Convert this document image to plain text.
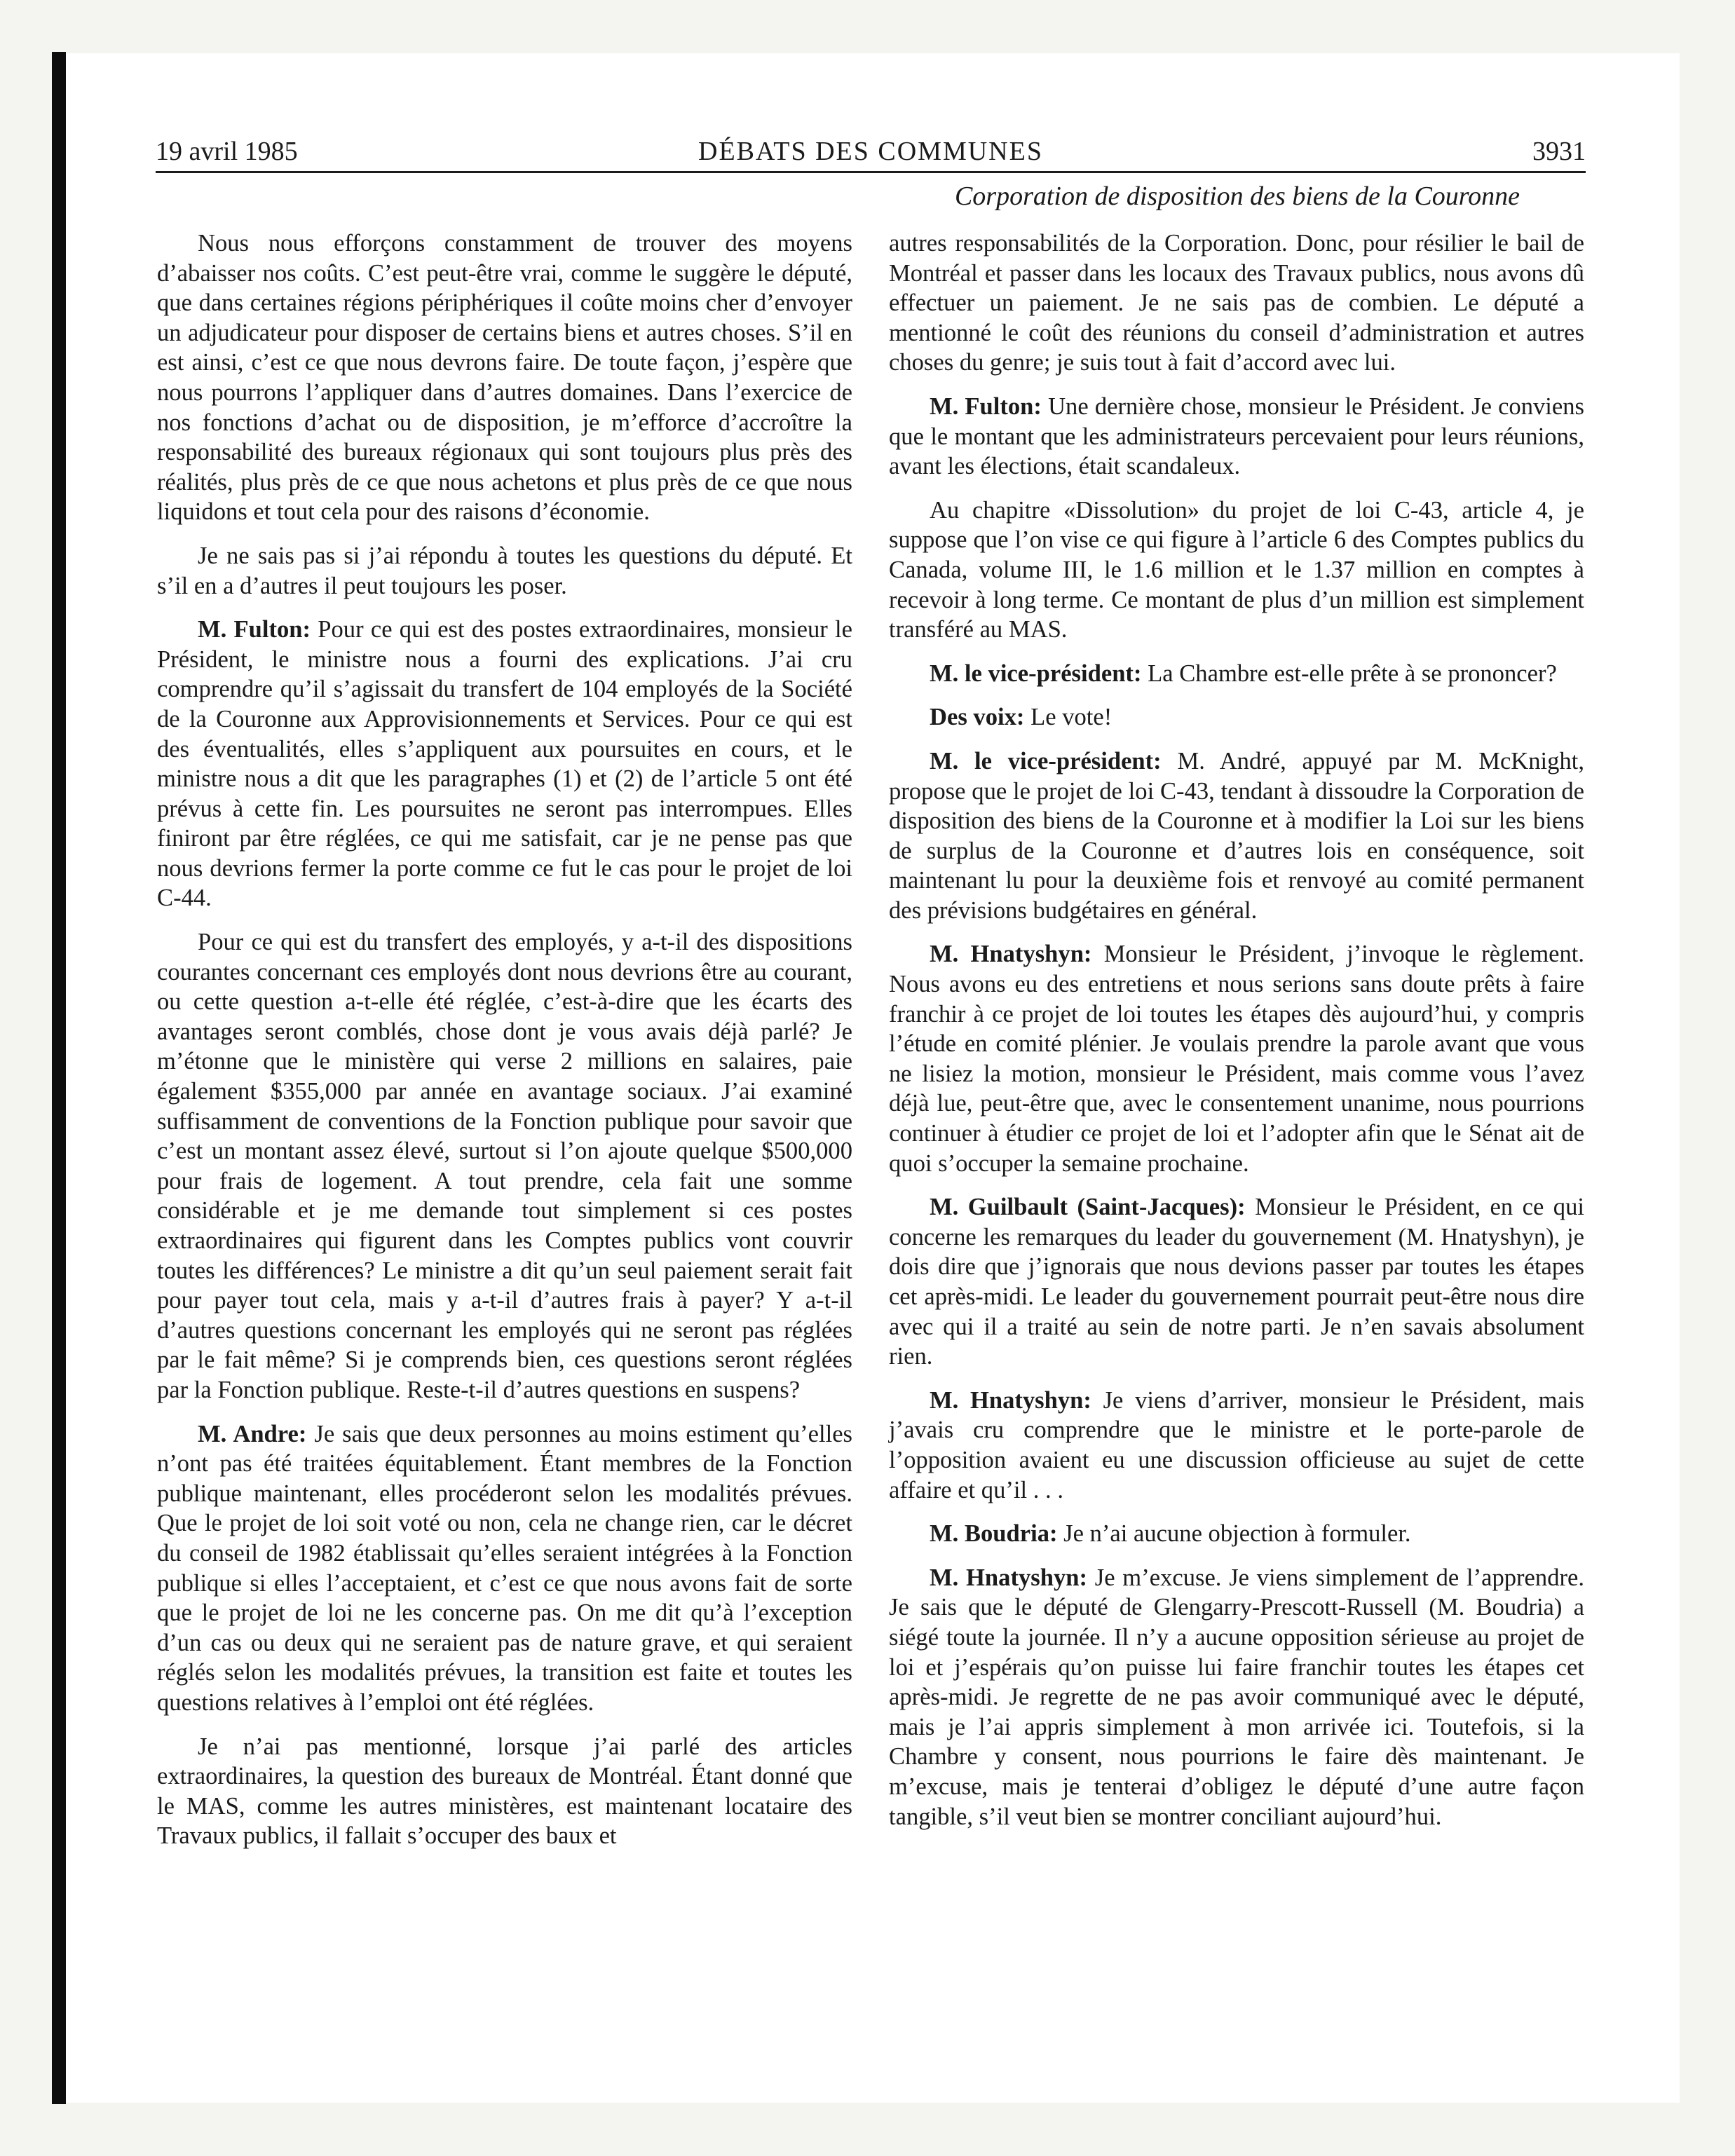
19 avril 1985	DÉBATS DES COMMUNES	3931
Corporation de disposition des biens de la Couronne

Nous nous efforçons constamment de trouver des moyens d’abaisser nos coûts. C’est peut-être vrai, comme le suggère le député, que dans certaines régions périphériques il coûte moins cher d’envoyer un adjudicateur pour disposer de certains biens et autres choses. S’il en est ainsi, c’est ce que nous devrons faire. De toute façon, j’espère que nous pourrons l’appliquer dans d’autres domaines. Dans l’exercice de nos fonctions d’achat ou de disposition, je m’efforce d’accroître la responsabilité des bureaux régionaux qui sont toujours plus près des réalités, plus près de ce que nous achetons et plus près de ce que nous liquidons et tout cela pour des raisons d’économie.

Je ne sais pas si j’ai répondu à toutes les questions du député. Et s’il en a d’autres il peut toujours les poser.

M. Fulton: Pour ce qui est des postes extraordinaires, monsieur le Président, le ministre nous a fourni des explications. J’ai cru comprendre qu’il s’agissait du transfert de 104 employés de la Société de la Couronne aux Approvisionnements et Services. Pour ce qui est des éventualités, elles s’appliquent aux poursuites en cours, et le ministre nous a dit que les paragraphes (1) et (2) de l’article 5 ont été prévus à cette fin. Les poursuites ne seront pas interrompues. Elles finiront par être réglées, ce qui me satisfait, car je ne pense pas que nous devrions fermer la porte comme ce fut le cas pour le projet de loi C-44.

Pour ce qui est du transfert des employés, y a-t-il des dispositions courantes concernant ces employés dont nous devrions être au courant, ou cette question a-t-elle été réglée, c’est-à-dire que les écarts des avantages seront comblés, chose dont je vous avais déjà parlé? Je m’étonne que le ministère qui verse 2 millions en salaires, paie également $355,000 par année en avantage sociaux. J’ai examiné suffisamment de conventions de la Fonction publique pour savoir que c’est un montant assez élevé, surtout si l’on ajoute quelque $500,000 pour frais de logement. A tout prendre, cela fait une somme considérable et je me demande tout simplement si ces postes extraordinaires qui figurent dans les Comptes publics vont couvrir toutes les différences? Le ministre a dit qu’un seul paiement serait fait pour payer tout cela, mais y a-t-il d’autres frais à payer? Y a-t-il d’autres questions concernant les employés qui ne seront pas réglées par le fait même? Si je comprends bien, ces questions seront réglées par la Fonction publique. Reste-t-il d’autres questions en suspens?

M. Andre: Je sais que deux personnes au moins estiment qu’elles n’ont pas été traitées équitablement. Étant membres de la Fonction publique maintenant, elles procéderont selon les modalités prévues. Que le projet de loi soit voté ou non, cela ne change rien, car le décret du conseil de 1982 établissait qu’elles seraient intégrées à la Fonction publique si elles l’acceptaient, et c’est ce que nous avons fait de sorte que le projet de loi ne les concerne pas. On me dit qu’à l’exception d’un cas ou deux qui ne seraient pas de nature grave, et qui seraient réglés selon les modalités prévues, la transition est faite et toutes les questions relatives à l’emploi ont été réglées.

Je n’ai pas mentionné, lorsque j’ai parlé des articles extraordinaires, la question des bureaux de Montréal. Étant donné que le MAS, comme les autres ministères, est maintenant locataire des Travaux publics, il fallait s’occuper des baux et

autres responsabilités de la Corporation. Donc, pour résilier le bail de Montréal et passer dans les locaux des Travaux publics, nous avons dû effectuer un paiement. Je ne sais pas de combien. Le député a mentionné le coût des réunions du conseil d’administration et autres choses du genre; je suis tout à fait d’accord avec lui.

M. Fulton: Une dernière chose, monsieur le Président. Je conviens que le montant que les administrateurs percevaient pour leurs réunions, avant les élections, était scandaleux.

Au chapitre «Dissolution» du projet de loi C-43, article 4, je suppose que l’on vise ce qui figure à l’article 6 des Comptes publics du Canada, volume III, le 1.6 million et le 1.37 million en comptes à recevoir à long terme. Ce montant de plus d’un million est simplement transféré au MAS.

M. le vice-président: La Chambre est-elle prête à se prononcer?

Des voix: Le vote!

M. le vice-président: M. André, appuyé par M. McKnight, propose que le projet de loi C-43, tendant à dissoudre la Corporation de disposition des biens de la Couronne et à modifier la Loi sur les biens de surplus de la Couronne et d’autres lois en conséquence, soit maintenant lu pour la deuxième fois et renvoyé au comité permanent des prévisions budgétaires en général.

M. Hnatyshyn: Monsieur le Président, j’invoque le règlement. Nous avons eu des entretiens et nous serions sans doute prêts à faire franchir à ce projet de loi toutes les étapes dès aujourd’hui, y compris l’étude en comité plénier. Je voulais prendre la parole avant que vous ne lisiez la motion, monsieur le Président, mais comme vous l’avez déjà lue, peut-être que, avec le consentement unanime, nous pourrions continuer à étudier ce projet de loi et l’adopter afin que le Sénat ait de quoi s’occuper la semaine prochaine.

M. Guilbault (Saint-Jacques): Monsieur le Président, en ce qui concerne les remarques du leader du gouvernement (M. Hnatyshyn), je dois dire que j’ignorais que nous devions passer par toutes les étapes cet après-midi. Le leader du gouvernement pourrait peut-être nous dire avec qui il a traité au sein de notre parti. Je n’en savais absolument rien.

M. Hnatyshyn: Je viens d’arriver, monsieur le Président, mais j’avais cru comprendre que le ministre et le porte-parole de l’opposition avaient eu une discussion officieuse au sujet de cette affaire et qu’il . . .

M. Boudria: Je n’ai aucune objection à formuler.

M. Hnatyshyn: Je m’excuse. Je viens simplement de l’apprendre. Je sais que le député de Glengarry-Prescott-Russell (M. Boudria) a siégé toute la journée. Il n’y a aucune opposition sérieuse au projet de loi et j’espérais qu’on puisse lui faire franchir toutes les étapes cet après-midi. Je regrette de ne pas avoir communiqué avec le député, mais je l’ai appris simplement à mon arrivée ici. Toutefois, si la Chambre y consent, nous pourrions le faire dès maintenant. Je m’excuse, mais je tenterai d’obligez le député d’une autre façon tangible, s’il veut bien se montrer conciliant aujourd’hui.
